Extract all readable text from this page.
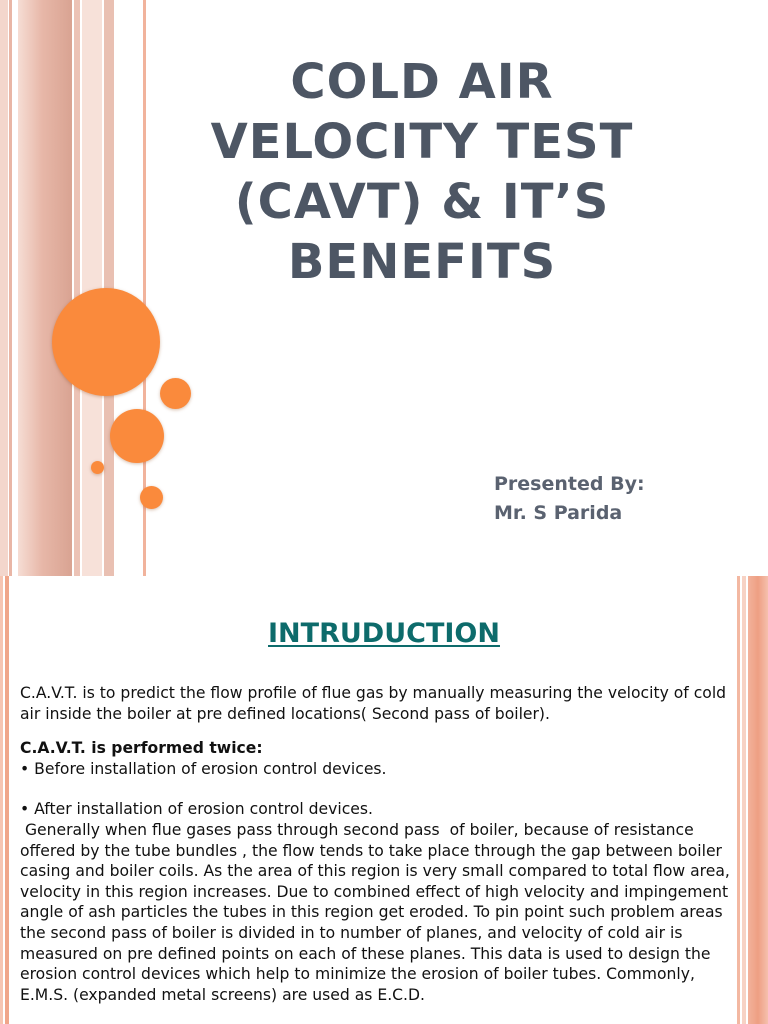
COLD AIR
VELOCITY TEST
(CAVT) & IT’S
BENEFITS
Presented By:
Mr. S Parida
INTRUDUCTION

C.A.V.T. is to predict the flow profile of flue gas by manually measuring the velocity of cold air inside the boiler at pre defined locations( Second pass of boiler).

C.A.V.T. is performed twice:

• Before installation of erosion control devices.

• After installation of erosion control devices.

Generally when flue gases pass through second pass  of boiler, because of resistance offered by the tube bundles , the flow tends to take place through the gap between boiler casing and boiler coils. As the area of this region is very small compared to total flow area, velocity in this region increases. Due to combined effect of high velocity and impingement angle of ash particles the tubes in this region get eroded. To pin point such problem areas the second pass of boiler is divided in to number of planes, and velocity of cold air is measured on pre defined points on each of these planes. This data is used to design the erosion control devices which help to minimize the erosion of boiler tubes. Commonly, E.M.S. (expanded metal screens) are used as E.C.D.
